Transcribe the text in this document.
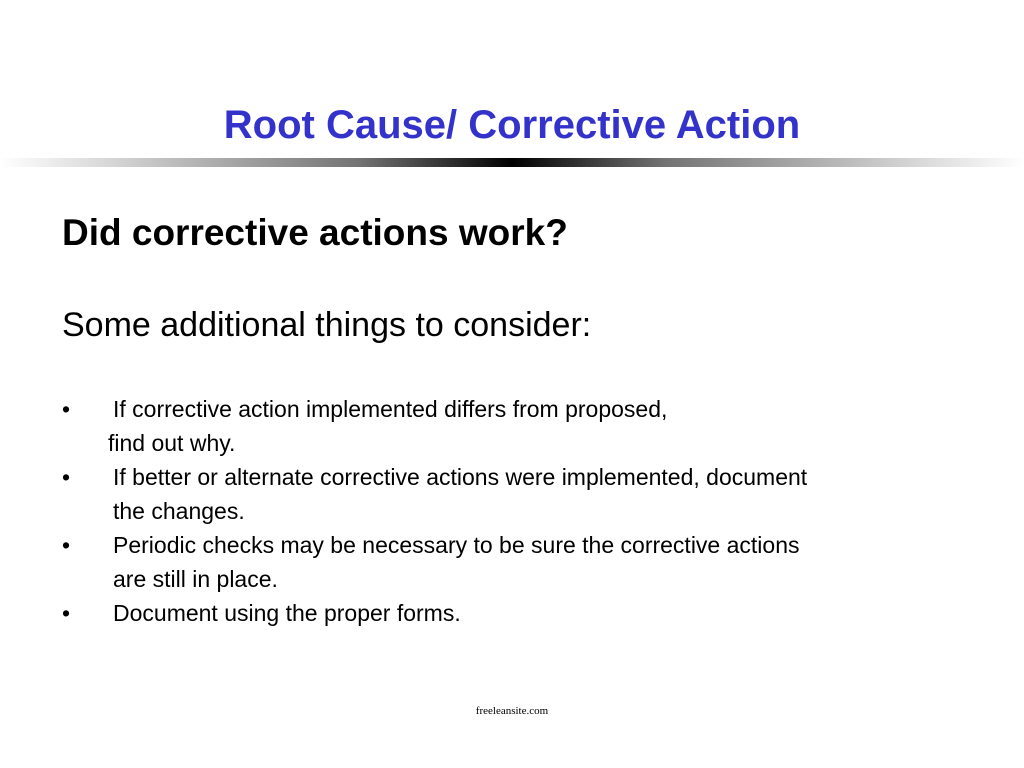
Root Cause/ Corrective Action
Did corrective actions work?

Some additional things to consider:

• If corrective action implemented differs from proposed,
find out why.
• If better or alternate corrective actions were implemented, document
the changes.
• Periodic checks may be necessary to be sure the corrective actions
are still in place.
• Document using the proper forms.
freeleansite.com
